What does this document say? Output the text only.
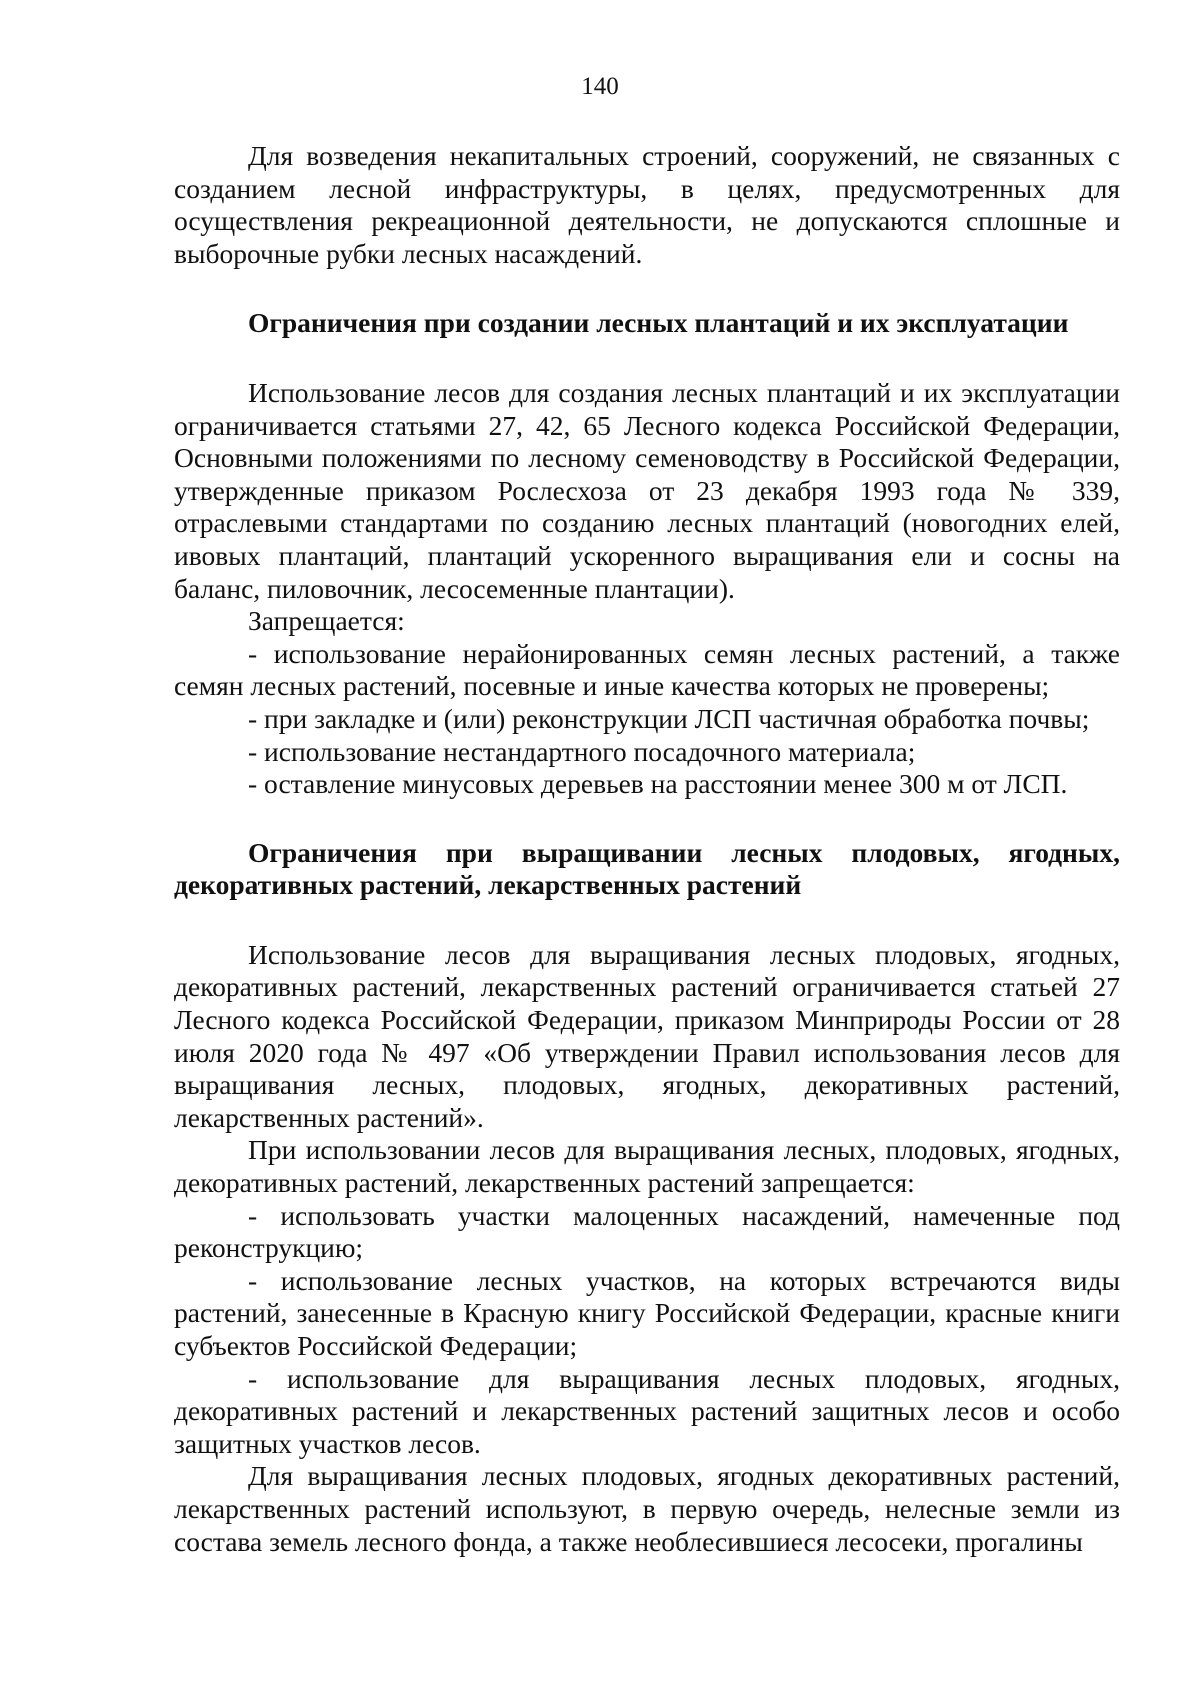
140

Для возведения некапитальных строений, сооружений, не связанных с созданием лесной инфраструктуры, в целях, предусмотренных для осуществления рекреационной деятельности, не допускаются сплошные и выборочные рубки лесных насаждений.

Ограничения при создании лесных плантаций и их эксплуатации

Использование лесов для создания лесных плантаций и их эксплуатации ограничивается статьями 27, 42, 65 Лесного кодекса Российской Федерации, Основными положениями по лесному семеноводству в Российской Федерации, утвержденные приказом Рослесхоза от 23 декабря 1993 года № 339, отраслевыми стандартами по созданию лесных плантаций (новогодних елей, ивовых плантаций, плантаций ускоренного выращивания ели и сосны на баланс, пиловочник, лесосеменные плантации).

Запрещается:

- использование нерайонированных семян лесных растений, а также семян лесных растений, посевные и иные качества которых не проверены;

- при закладке и (или) реконструкции ЛСП частичная обработка почвы;

- использование нестандартного посадочного материала;

- оставление минусовых деревьев на расстоянии менее 300 м от ЛСП.

Ограничения при выращивании лесных плодовых, ягодных, декоративных растений, лекарственных растений

Использование лесов для выращивания лесных плодовых, ягодных, декоративных растений, лекарственных растений ограничивается статьей 27 Лесного кодекса Российской Федерации, приказом Минприроды России от 28 июля 2020 года № 497 «Об утверждении Правил использования лесов для выращивания лесных, плодовых, ягодных, декоративных растений, лекарственных растений».

При использовании лесов для выращивания лесных, плодовых, ягодных, декоративных растений, лекарственных растений запрещается:

- использовать участки малоценных насаждений, намеченные под реконструкцию;

- использование лесных участков, на которых встречаются виды растений, занесенные в Красную книгу Российской Федерации, красные книги субъектов Российской Федерации;

- использование для выращивания лесных плодовых, ягодных, декоративных растений и лекарственных растений защитных лесов и особо защитных участков лесов.

Для выращивания лесных плодовых, ягодных декоративных растений, лекарственных растений используют, в первую очередь, нелесные земли из состава земель лесного фонда, а также необлесившиеся лесосеки, прогалины
